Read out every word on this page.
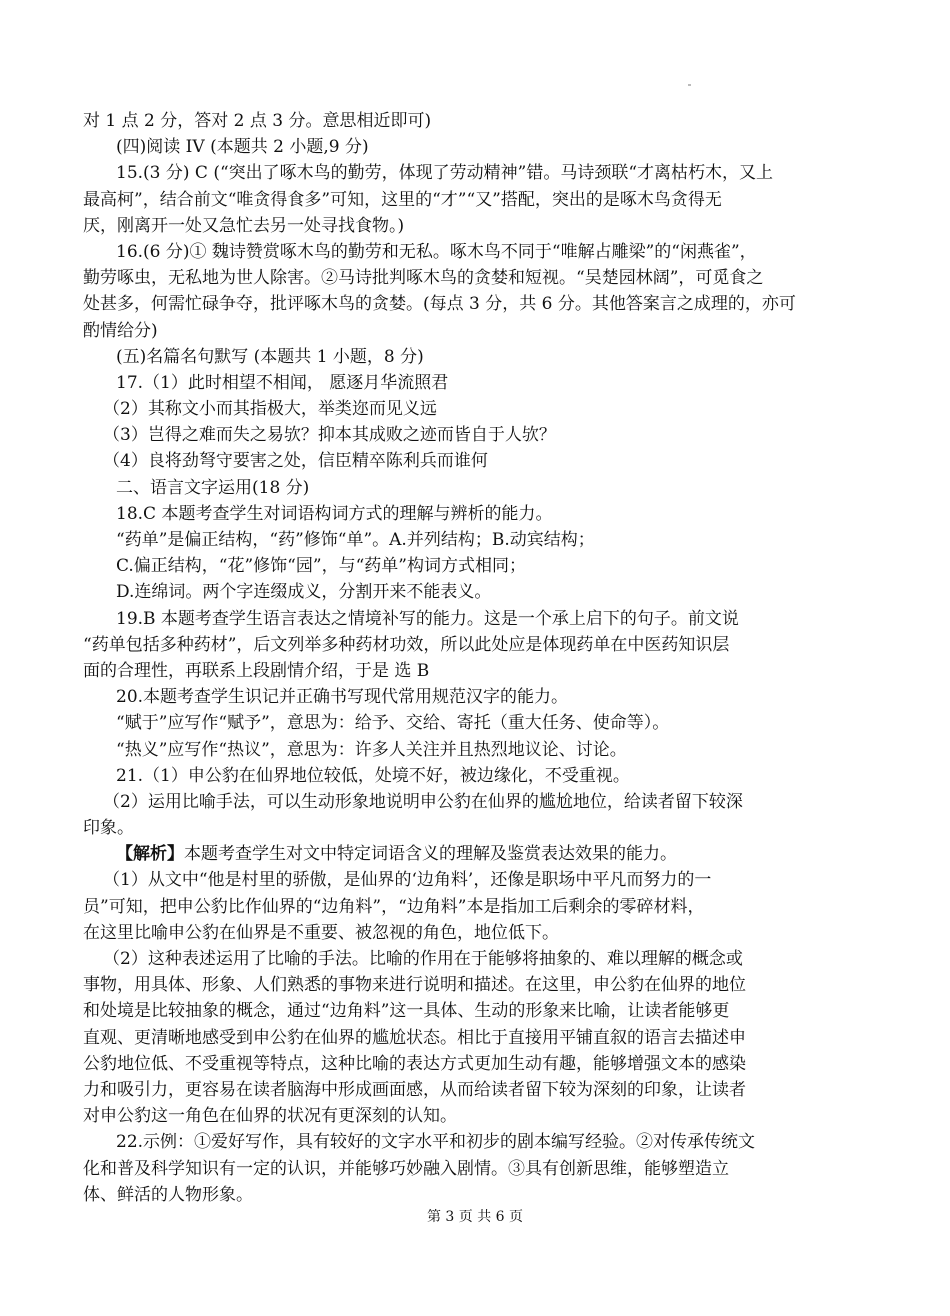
对 1 点 2 分，答对 2 点 3 分。意思相近即可)
(四)阅读 IV (本题共 2 小题,9 分)
15.(3 分) C (“突出了啄木鸟的勤劳，体现了劳动精神”错。马诗颈联“才离枯朽木，又上
最高柯”，结合前文“唯贪得食多”可知，这里的“才”“又”搭配，突出的是啄木鸟贪得无
厌，刚离开一处又急忙去另一处寻找食物。)
16.(6 分)① 魏诗赞赏啄木鸟的勤劳和无私。啄木鸟不同于“唯解占雕梁”的“闲燕雀”，
勤劳啄虫，无私地为世人除害。②马诗批判啄木鸟的贪婪和短视。“吴楚园林阔”，可觅食之
处甚多，何需忙碌争夺，批评啄木鸟的贪婪。(每点 3 分，共 6 分。其他答案言之成理的，亦可
酌情给分)
(五)名篇名句默写 (本题共 1 小题，8 分)
17.（1）此时相望不相闻， 愿逐月华流照君
（2）其称文小而其指极大，举类迩而见义远
（3）岂得之难而失之易欤？抑本其成败之迹而皆自于人欤？
（4）良将劲弩守要害之处，信臣精卒陈利兵而谁何
二、语言文字运用(18 分)
18.C 本题考查学生对词语构词方式的理解与辨析的能力。
“药单”是偏正结构，“药”修饰“单”。A.并列结构；B.动宾结构；
C.偏正结构，“花”修饰“园”，与“药单”构词方式相同；
D.连绵词。两个字连缀成义，分割开来不能表义。
19.B 本题考查学生语言表达之情境补写的能力。这是一个承上启下的句子。前文说
“药单包括多种药材”，后文列举多种药材功效，所以此处应是体现药单在中医药知识层
面的合理性，再联系上段剧情介绍，于是 选 B
20.本题考查学生识记并正确书写现代常用规范汉字的能力。
“赋于”应写作“赋予”，意思为：给予、交给、寄托（重大任务、使命等）。
“热义”应写作“热议”，意思为：许多人关注并且热烈地议论、讨论。
21.（1）申公豹在仙界地位较低，处境不好，被边缘化，不受重视。
（2）运用比喻手法，可以生动形象地说明申公豹在仙界的尴尬地位，给读者留下较深
印象。
【解析】本题考查学生对文中特定词语含义的理解及鉴赏表达效果的能力。
（1）从文中“他是村里的骄傲，是仙界的‘边角料’，还像是职场中平凡而努力的一
员”可知，把申公豹比作仙界的“边角料”，“边角料”本是指加工后剩余的零碎材料，
在这里比喻申公豹在仙界是不重要、被忽视的角色，地位低下。
（2）这种表述运用了比喻的手法。比喻的作用在于能够将抽象的、难以理解的概念或
事物，用具体、形象、人们熟悉的事物来进行说明和描述。在这里，申公豹在仙界的地位
和处境是比较抽象的概念，通过“边角料”这一具体、生动的形象来比喻，让读者能够更
直观、更清晰地感受到申公豹在仙界的尴尬状态。相比于直接用平铺直叙的语言去描述申
公豹地位低、不受重视等特点，这种比喻的表达方式更加生动有趣，能够增强文本的感染
力和吸引力，更容易在读者脑海中形成画面感，从而给读者留下较为深刻的印象，让读者
对申公豹这一角色在仙界的状况有更深刻的认知。
22.示例：①爱好写作，具有较好的文字水平和初步的剧本编写经验。②对传承传统文
化和普及科学知识有一定的认识，并能够巧妙融入剧情。③具有创新思维，能够塑造立
体、鲜活的人物形象。
第 3 页 共 6 页
